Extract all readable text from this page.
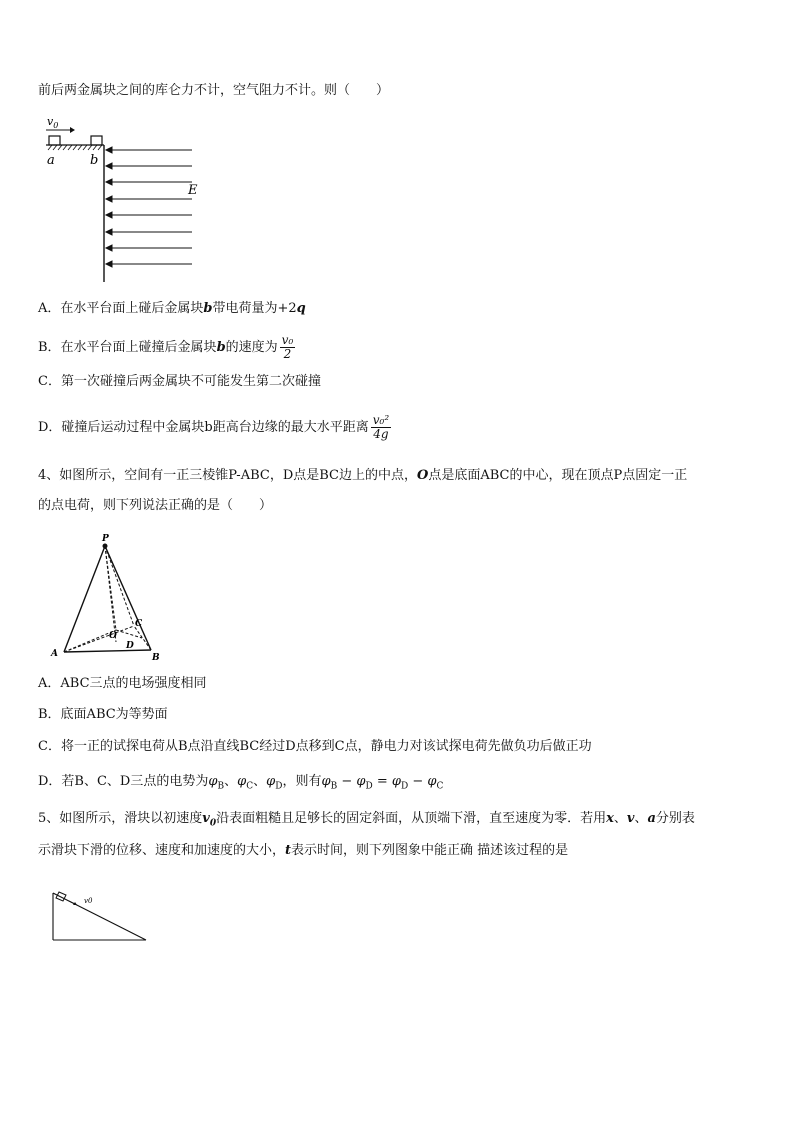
前后两金属块之间的库仑力不计，空气阻力不计。则（　　）
$v_0$
a	b
E
A．在水平台面上碰后金属块b带电荷量为+2q
B．在水平台面上碰撞后金属块b的速度为 $\frac{\text{v₀}}{2}$
C．第一次碰撞后两金属块不可能发生第二次碰撞
D．碰撞后运动过程中金属块b距高台边缘的最大水平距离 $\frac{\text{v₀²}}{4g}$
4、如图所示，空间有一正三棱锥P-ABC，D点是BC边上的中点，O点是底面ABC的中心，现在顶点P点固定一正
的点电荷，则下列说法正确的是（　　）
P
A	B
C
D
O
A．ABC三点的电场强度相同
B．底面ABC为等势面
C．将一正的试探电荷从B点沿直线BC经过D点移到C点，静电力对该试探电荷先做负功后做正功
D．若B、C、D三点的电势为$\varphi_B$、$\varphi_C$、$\varphi_D$，则有$\varphi_B - \varphi_D = \varphi_D - \varphi_C$
5、如图所示，滑块以初速度$v_0$沿表面粗糙且足够长的固定斜面，从顶端下滑，直至速度为零．若用x、v、a分别表
示滑块下滑的位移、速度和加速度的大小，t表示时间，则下列图象中能正确 描述该过程的是
v0
